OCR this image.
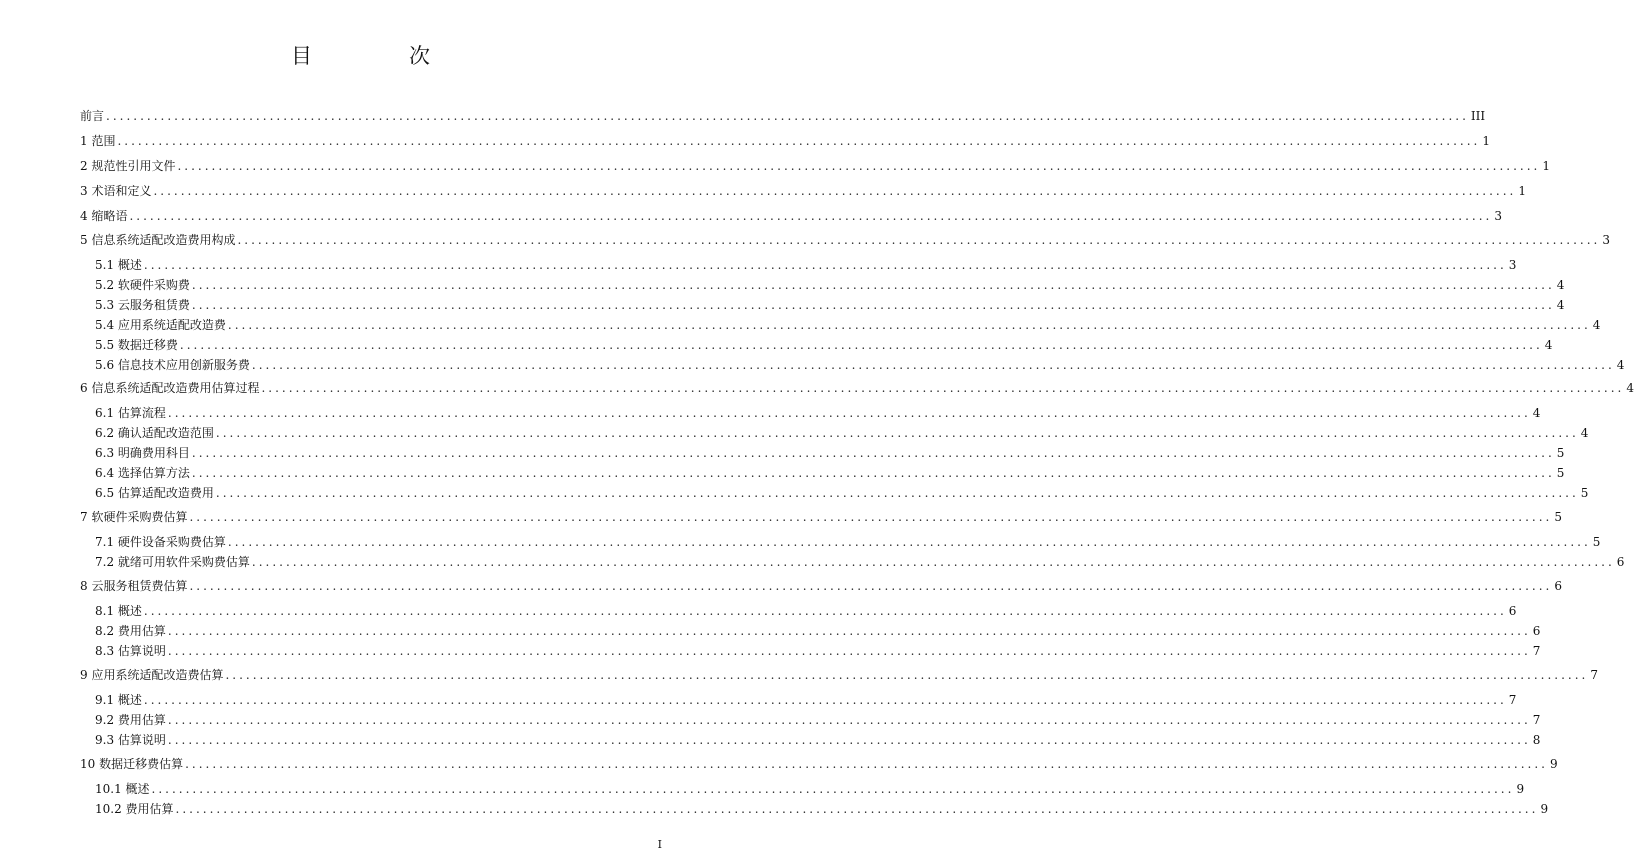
目　次
前言 ........................................................................................................................................................................................................ III
1 范围 ........................................................................................................................................................................................................ 1
2 规范性引用文件 ........................................................................................................................................................................................................ 1
3 术语和定义 ........................................................................................................................................................................................................ 1
4 缩略语 ........................................................................................................................................................................................................ 3
5 信息系统适配改造费用构成 ........................................................................................................................................................................................................ 3
5.1 概述 ........................................................................................................................................................................................................ 3
5.2 软硬件采购费 ........................................................................................................................................................................................................ 4
5.3 云服务租赁费 ........................................................................................................................................................................................................ 4
5.4 应用系统适配改造费 ........................................................................................................................................................................................................ 4
5.5 数据迁移费 ........................................................................................................................................................................................................ 4
5.6 信息技术应用创新服务费 ........................................................................................................................................................................................................ 4
6 信息系统适配改造费用估算过程 ........................................................................................................................................................................................................ 4
6.1 估算流程 ........................................................................................................................................................................................................ 4
6.2 确认适配改造范围 ........................................................................................................................................................................................................ 4
6.3 明确费用科目 ........................................................................................................................................................................................................ 5
6.4 选择估算方法 ........................................................................................................................................................................................................ 5
6.5 估算适配改造费用 ........................................................................................................................................................................................................ 5
7 软硬件采购费估算 ........................................................................................................................................................................................................ 5
7.1 硬件设备采购费估算 ........................................................................................................................................................................................................ 5
7.2 就绪可用软件采购费估算 ........................................................................................................................................................................................................ 6
8 云服务租赁费估算 ........................................................................................................................................................................................................ 6
8.1 概述 ........................................................................................................................................................................................................ 6
8.2 费用估算 ........................................................................................................................................................................................................ 6
8.3 估算说明 ........................................................................................................................................................................................................ 7
9 应用系统适配改造费估算 ........................................................................................................................................................................................................ 7
9.1 概述 ........................................................................................................................................................................................................ 7
9.2 费用估算 ........................................................................................................................................................................................................ 7
9.3 估算说明 ........................................................................................................................................................................................................ 8
10 数据迁移费估算 ........................................................................................................................................................................................................ 9
10.1 概述 ........................................................................................................................................................................................................ 9
10.2 费用估算 ........................................................................................................................................................................................................ 9
I
